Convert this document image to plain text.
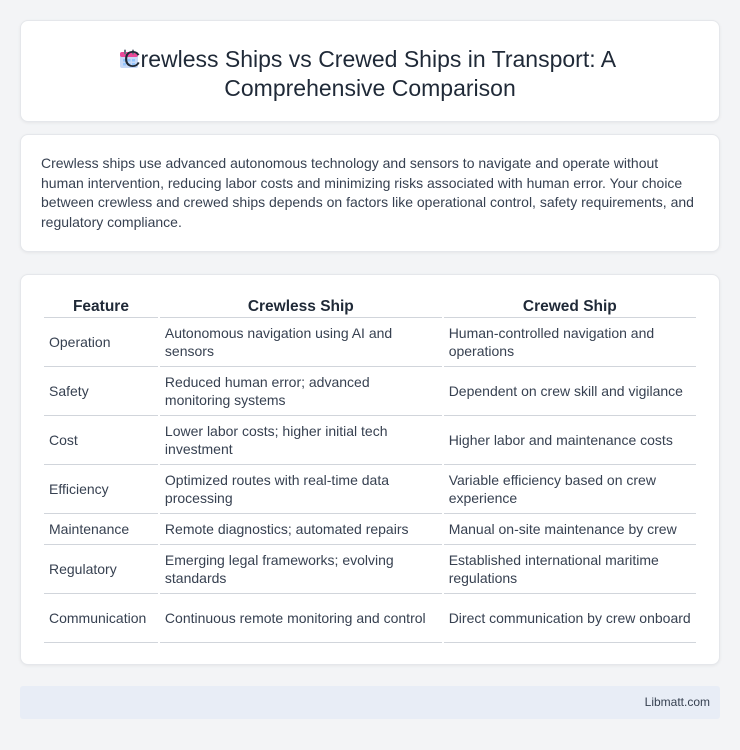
Crewless Ships vs Crewed Ships in Transport: A Comprehensive Comparison

Crewless ships use advanced autonomous technology and sensors to navigate and operate without human intervention, reducing labor costs and minimizing risks associated with human error. Your choice between crewless and crewed ships depends on factors like operational control, safety requirements, and regulatory compliance.

Feature	Crewless Ship	Crewed Ship
Operation	Autonomous navigation using AI and sensors	Human-controlled navigation and operations
Safety	Reduced human error; advanced monitoring systems	Dependent on crew skill and vigilance
Cost	Lower labor costs; higher initial tech investment	Higher labor and maintenance costs
Efficiency	Optimized routes with real-time data processing	Variable efficiency based on crew experience
Maintenance	Remote diagnostics; automated repairs	Manual on-site maintenance by crew
Regulatory	Emerging legal frameworks; evolving standards	Established international maritime regulations
Communication	Continuous remote monitoring and control	Direct communication by crew onboard
Libmatt.com
